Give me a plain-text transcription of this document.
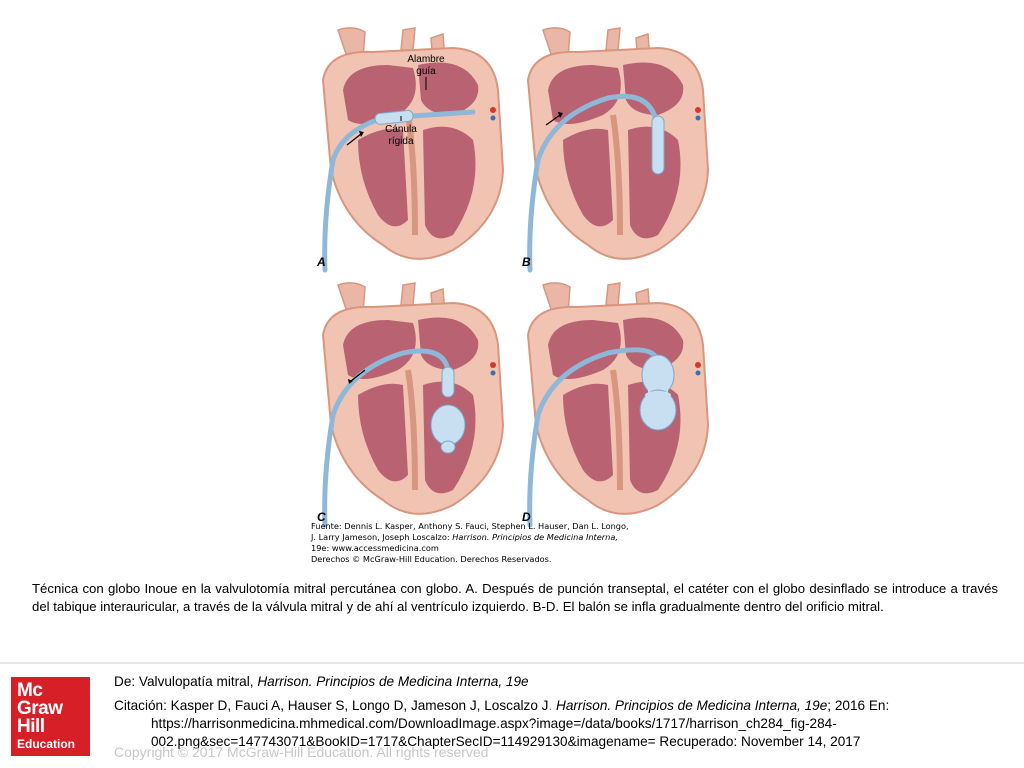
Alambre
guía
Cánula
rígida
A	B
C	D
Fuente: Dennis L. Kasper, Anthony S. Fauci, Stephen L. Hauser, Dan L. Longo,
J. Larry Jameson, Joseph Loscalzo: Harrison. Principios de Medicina Interna,
19e: www.accessmedicina.com
Derechos © McGraw-Hill Education. Derechos Reservados.
Técnica con globo Inoue en la valvulotomía mitral percutánea con globo. A. Después de punción transeptal, el catéter con el globo desinflado se introduce a través del tabique interauricular, a través de la válvula mitral y de ahí al ventrículo izquierdo. B-D. El balón se infla gradualmente dentro del orificio mitral.
Mc
Graw
Hill
Education
De: Valvulopatía mitral, Harrison. Principios de Medicina Interna, 19e
Citación: Kasper D, Fauci A, Hauser S, Longo D, Jameson J, Loscalzo J. Harrison. Principios de Medicina Interna, 19e; 2016 En: https://harrisonmedicina.mhmedical.com/DownloadImage.aspx?image=/data/books/1717/harrison_ch284_fig-284-002.png&sec=147743071&BookID=1717&ChapterSecID=114929130&imagename= Recuperado: November 14, 2017
Copyright © 2017 McGraw-Hill Education. All rights reserved
